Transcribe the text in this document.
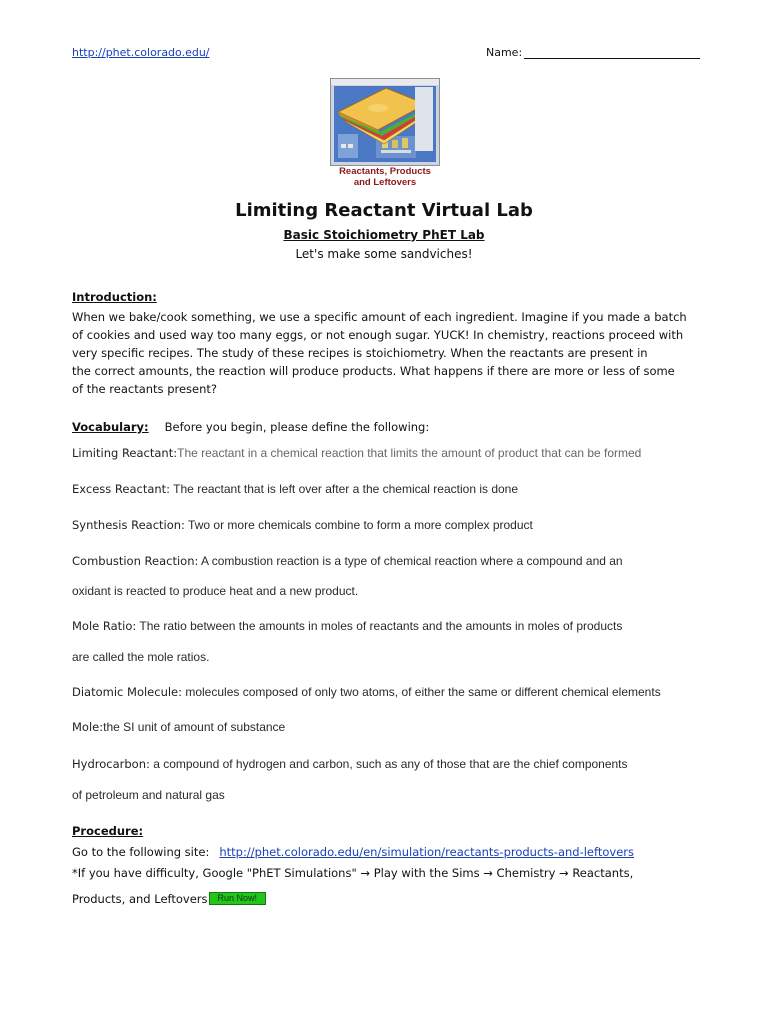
http://phet.colorado.edu/	Name:
Reactants, Products
and Leftovers
Limiting Reactant Virtual Lab
Basic Stoichiometry PhET Lab
Let's make some sandviches!
Introduction:
When we bake/cook something, we use a specific amount of each ingredient. Imagine if you made a batch
of cookies and used way too many eggs, or not enough sugar. YUCK! In chemistry, reactions proceed with
very specific recipes. The study of these recipes is stoichiometry. When the reactants are present in
the correct amounts, the reaction will produce products. What happens if there are more or less of some
of the reactants present?
Vocabulary: Before you begin, please define the following:
Limiting Reactant:The reactant in a chemical reaction that limits the amount of product that can be formed
Excess Reactant: The reactant that is left over after a the chemical reaction is done
Synthesis Reaction: Two or more chemicals combine to form a more complex product
Combustion Reaction: A combustion reaction is a type of chemical reaction where a compound and an
oxidant is reacted to produce heat and a new product.
Mole Ratio: The ratio between the amounts in moles of reactants and the amounts in moles of products
are called the mole ratios.
Diatomic Molecule: molecules composed of only two atoms, of either the same or different chemical elements
Mole:the SI unit of amount of substance
Hydrocarbon: a compound of hydrogen and carbon, such as any of those that are the chief components
of petroleum and natural gas
Procedure:
Go to the following site: http://phet.colorado.edu/en/simulation/reactants-products-and-leftovers
*If you have difficulty, Google "PhET Simulations" → Play with the Sims → Chemistry → Reactants,
Products, and Leftovers Run Now!
